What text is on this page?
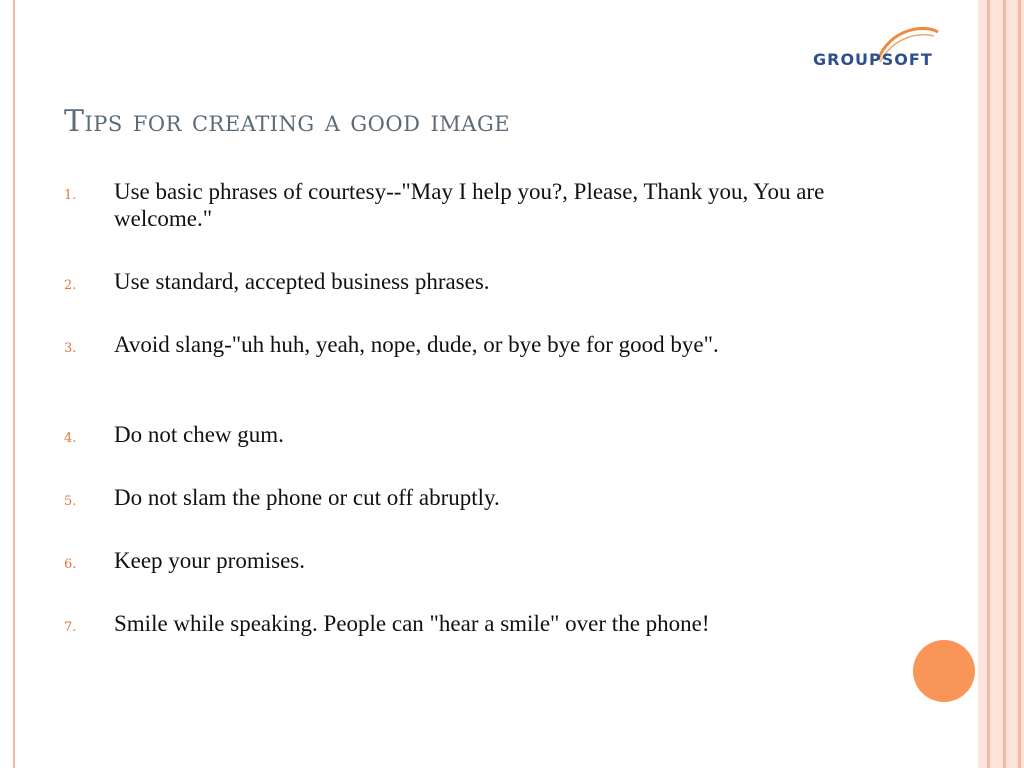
GROUPSOFT
Tips for creating a good image
1. Use basic phrases of courtesy--"May I help you?, Please, Thank you, You are welcome."
2. Use standard, accepted business phrases.
3. Avoid slang-"uh huh, yeah, nope, dude, or bye bye for good bye".
4. Do not chew gum.
5. Do not slam the phone or cut off abruptly.
6. Keep your promises.
7. Smile while speaking. People can "hear a smile" over the phone!
